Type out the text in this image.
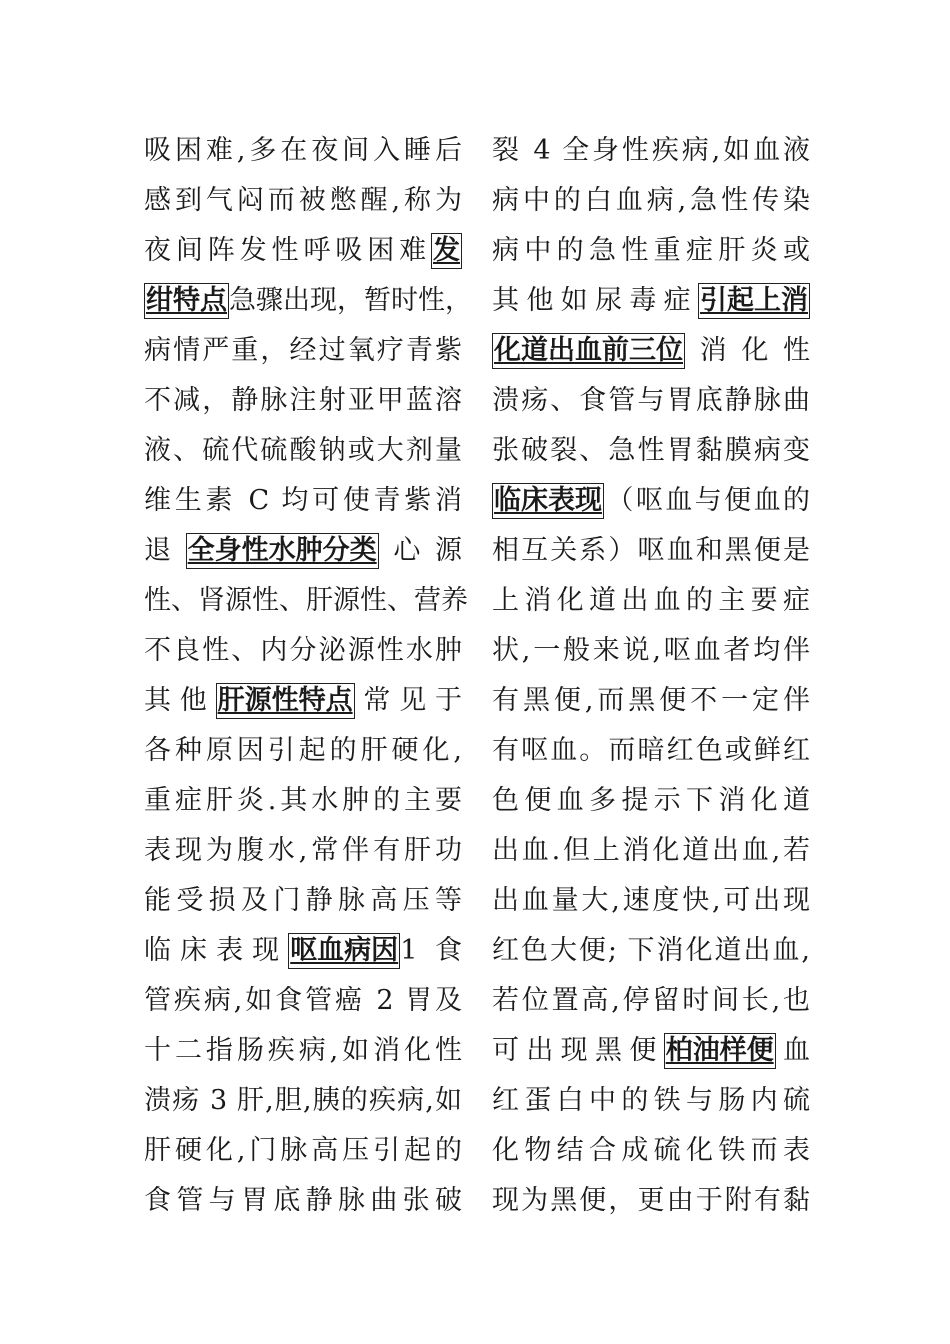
吸困难,多在夜间入睡后
感到气闷而被憋醒,称为
夜间阵发性呼吸困难发
绀特点急骤出现，暂时性，
病情严重，经过氧疗青紫
不减，静脉注射亚甲蓝溶
液、硫代硫酸钠或大剂量
维生素 C 均可使青紫消
退全身性水肿分类心源
性、肾源性、肝源性、营养
不良性、内分泌源性水肿
其他肝源性特点常见于
各种原因引起的肝硬化,
重症肝炎.其水肿的主要
表现为腹水,常伴有肝功
能受损及门静脉高压等
临床表现呕血病因1 食
管疾病,如食管癌 2 胃及
十二指肠疾病,如消化性
溃疡 3 肝,胆,胰的疾病,如
肝硬化,门脉高压引起的
食管与胃底静脉曲张破
裂 4 全身性疾病,如血液
病中的白血病,急性传染
病中的急性重症肝炎或
其他如尿毒症引起上消
化道出血前三位消化性
溃疡、食管与胃底静脉曲
张破裂、急性胃黏膜病变
临床表现（呕血与便血的
相互关系）呕血和黑便是
上消化道出血的主要症
状,一般来说,呕血者均伴
有黑便,而黑便不一定伴
有呕血。而暗红色或鲜红
色便血多提示下消化道
出血.但上消化道出血,若
出血量大,速度快,可出现
红色大便; 下消化道出血,
若位置高,停留时间长,也
可出现黑便柏油样便血
红蛋白中的铁与肠内硫
化物结合成硫化铁而表
现为黑便，更由于附有黏
